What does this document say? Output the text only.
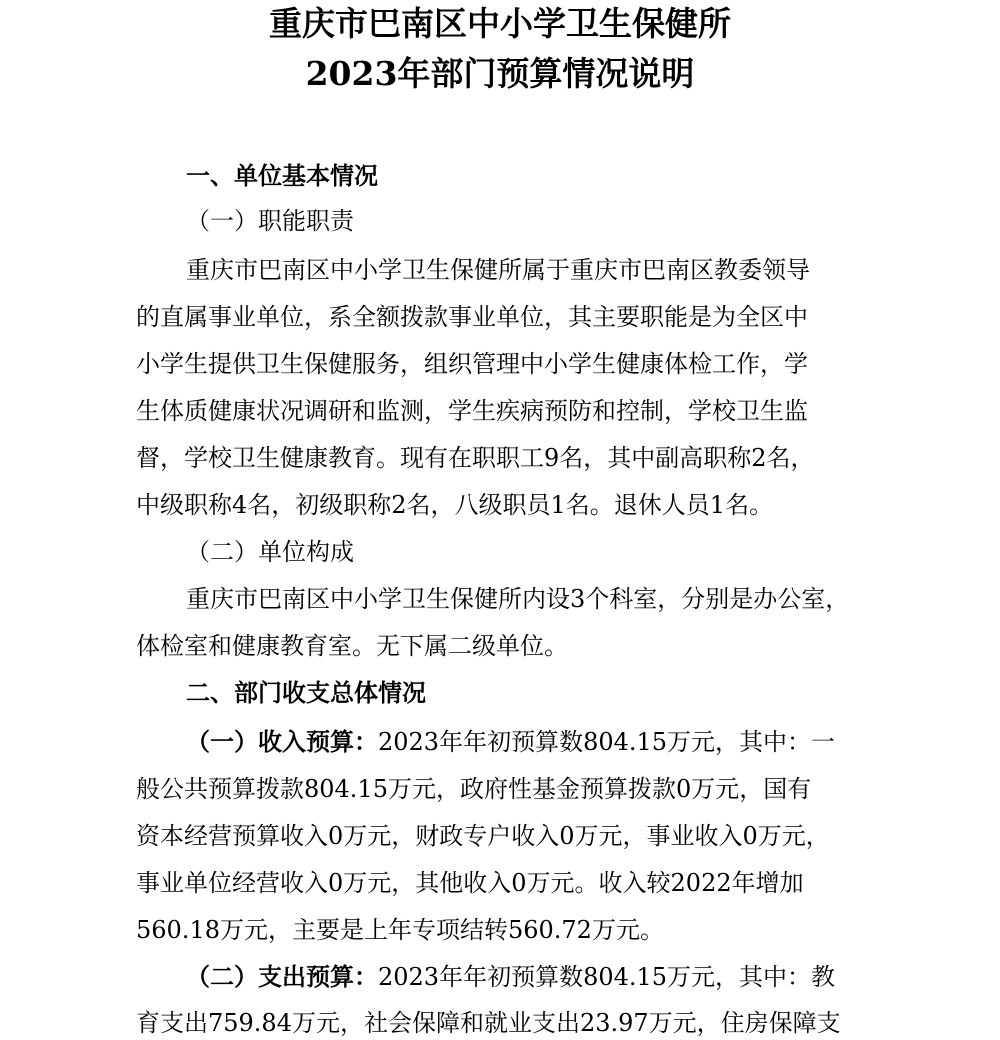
重庆市巴南区中小学卫生保健所
2023年部门预算情况说明
一、单位基本情况
（一）职能职责
重庆市巴南区中小学卫生保健所属于重庆市巴南区教委领导
的直属事业单位，系全额拨款事业单位，其主要职能是为全区中
小学生提供卫生保健服务，组织管理中小学生健康体检工作，学
生体质健康状况调研和监测，学生疾病预防和控制，学校卫生监
督，学校卫生健康教育。现有在职职工9名，其中副高职称2名，
中级职称4名，初级职称2名，八级职员1名。退休人员1名。
（二）单位构成
重庆市巴南区中小学卫生保健所内设3个科室，分别是办公室，
体检室和健康教育室。无下属二级单位。
二、部门收支总体情况
（一）收入预算：2023年年初预算数804.15万元，其中：一
般公共预算拨款804.15万元，政府性基金预算拨款0万元，国有
资本经营预算收入0万元，财政专户收入0万元，事业收入0万元，
事业单位经营收入0万元，其他收入0万元。收入较2022年增加
560.18万元，主要是上年专项结转560.72万元。
（二）支出预算：2023年年初预算数804.15万元，其中：教
育支出759.84万元，社会保障和就业支出23.97万元，住房保障支
